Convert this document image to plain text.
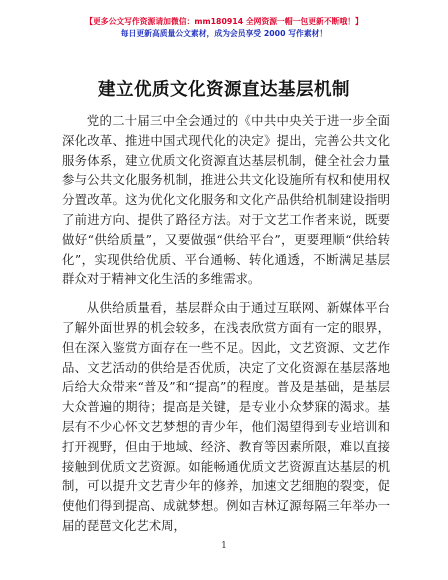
【更多公文写作资源请加微信：mm180914 全网资源一帽一包更新不断哦！】
每日更新高质量公文素材，成为会员享受 2000 写作素材！
建立优质文化资源直达基层机制

党的二十届三中全会通过的《中共中央关于进一步全面深化改革、推进中国式现代化的决定》提出，完善公共文化服务体系，建立优质文化资源直达基层机制，健全社会力量参与公共文化服务机制，推进公共文化设施所有权和使用权分置改革。这为优化文化服务和文化产品供给机制建设指明了前进方向、提供了路径方法。对于文艺工作者来说，既要做好“供给质量”，又要做强“供给平台”，更要理顺“供给转化”，实现供给优质、平台通畅、转化通透，不断满足基层群众对于精神文化生活的多维需求。

从供给质量看，基层群众由于通过互联网、新媒体平台了解外面世界的机会较多，在浅表欣赏方面有一定的眼界，但在深入鉴赏方面存在一些不足。因此，文艺资源、文艺作品、文艺活动的供给是否优质，决定了文化资源在基层落地后给大众带来“普及”和“提高”的程度。普及是基础，是基层大众普遍的期待；提高是关键，是专业小众梦寐的渴求。基层有不少心怀文艺梦想的青少年，他们渴望得到专业培训和打开视野，但由于地域、经济、教育等因素所限，难以直接接触到优质文艺资源。如能畅通优质文艺资源直达基层的机制，可以提升文艺青少年的修养，加速文艺细胞的裂变，促使他们得到提高、成就梦想。例如吉林辽源每隔三年举办一届的琵琶文化艺术周，

1
